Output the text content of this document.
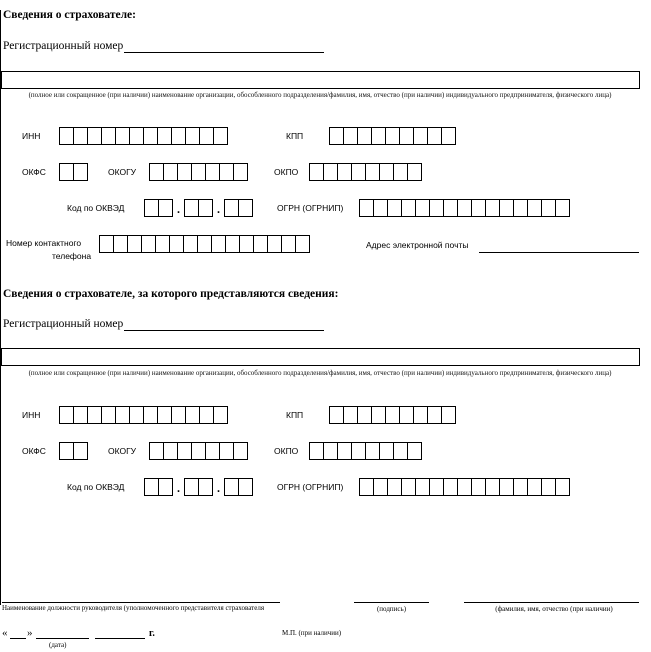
Сведения о страхователе:
Регистрационный номер
(полное или сокращенное (при наличии) наименование организации, обособленного подразделения/фамилия, имя, отчество (при наличии) индивидуального предпринимателя, физического лица)
ИНН	КПП
ОКФС	ОКОГУ	ОКПО
Код по ОКВЭД	.	.	ОГРН (ОГРНИП)
Номер контактного
телефона
Адрес электронной почты
Сведения о страхователе, за которого представляются сведения:
Регистрационный номер
(полное или сокращенное (при наличии) наименование организации, обособленного подразделения/фамилия, имя, отчество (при наличии) индивидуального предпринимателя, физического лица)
ИНН	КПП
ОКФС	ОКОГУ	ОКПО
Код по ОКВЭД	.	.	ОГРН (ОГРНИП)
Наименование должности руководителя (уполномоченного представителя страхователя	(подпись)	(фамилия, имя, отчество (при наличии)
« »	г.
(дата)
М.П. (при наличии)
